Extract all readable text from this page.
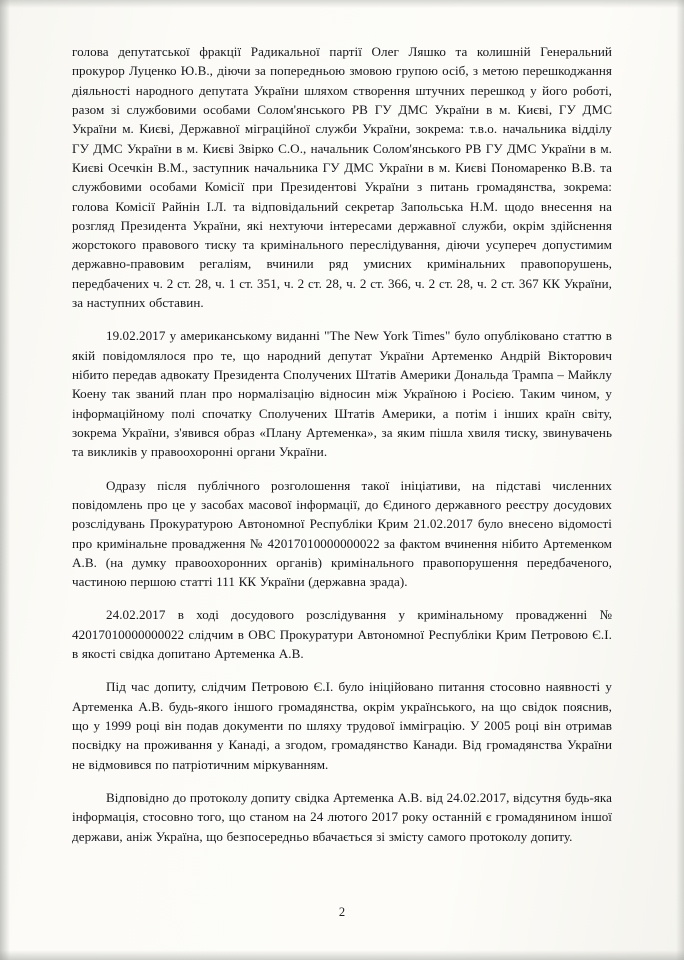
голова депутатської фракції Радикальної партії Олег Ляшко та колишній Генеральний прокурор Луценко Ю.В., діючи за попередньою змовою групою осіб, з метою перешкоджання діяльності народного депутата України шляхом створення штучних перешкод у його роботі, разом зі службовими особами Солом'янського РВ ГУ ДМС України в м. Києві, ГУ ДМС України м. Києві, Державної міграційної служби України, зокрема: т.в.о. начальника відділу ГУ ДМС України в м. Києві Звірко С.О., начальник Солом'янського РВ ГУ ДМС України в м. Києві Осечкін В.М., заступник начальника ГУ ДМС України в м. Києві Пономаренко В.В. та службовими особами Комісії при Президентові України з питань громадянства, зокрема: голова Комісії Райнін І.Л. та відповідальний секретар Запольська Н.М. щодо внесення на розгляд Президента України, які нехтуючи інтересами державної служби, окрім здійснення жорстокого правового тиску та кримінального переслідування, діючи усупереч допустимим державно-правовим регаліям, вчинили ряд умисних кримінальних правопорушень, передбачених ч. 2 ст. 28, ч. 1 ст. 351, ч. 2 ст. 28, ч. 2 ст. 366, ч. 2 ст. 28, ч. 2 ст. 367 КК України, за наступних обставин.

19.02.2017 у американському виданні "The New York Times" було опубліковано статтю в якій повідомлялося про те, що народний депутат України Артеменко Андрій Вікторович нібито передав адвокату Президента Сполучених Штатів Америки Дональда Трампа – Майклу Коену так званий план про нормалізацію відносин між Україною і Росією. Таким чином, у інформаційному полі спочатку Сполучених Штатів Америки, а потім і інших країн світу, зокрема України, з'явився образ «Плану Артеменка», за яким пішла хвиля тиску, звинувачень та викликів у правоохоронні органи України.

Одразу після публічного розголошення такої ініціативи, на підставі численних повідомлень про це у засобах масової інформації, до Єдиного державного реєстру досудових розслідувань Прокуратурою Автономної Республіки Крим 21.02.2017 було внесено відомості про кримінальне провадження № 42017010000000022 за фактом вчинення нібито Артеменком А.В. (на думку правоохоронних органів) кримінального правопорушення передбаченого, частиною першою статті 111 КК України (державна зрада).

24.02.2017 в ході досудового розслідування у кримінальному провадженні № 42017010000000022 слідчим в ОВС Прокуратури Автономної Республіки Крим Петровою Є.І. в якості свідка допитано Артеменка А.В.

Під час допиту, слідчим Петровою Є.І. було ініційовано питання стосовно наявності у Артеменка А.В. будь-якого іншого громадянства, окрім українського, на що свідок пояснив, що у 1999 році він подав документи по шляху трудової імміграцію. У 2005 році він отримав посвідку на проживання у Канаді, а згодом, громадянство Канади. Від громадянства України не відмовився по патріотичним міркуванням.

Відповідно до протоколу допиту свідка Артеменка А.В. від 24.02.2017, відсутня будь-яка інформація, стосовно того, що станом на 24 лютого 2017 року останній є громадянином іншої держави, аніж Україна, що безпосередньо вбачається зі змісту самого протоколу допиту.

2
